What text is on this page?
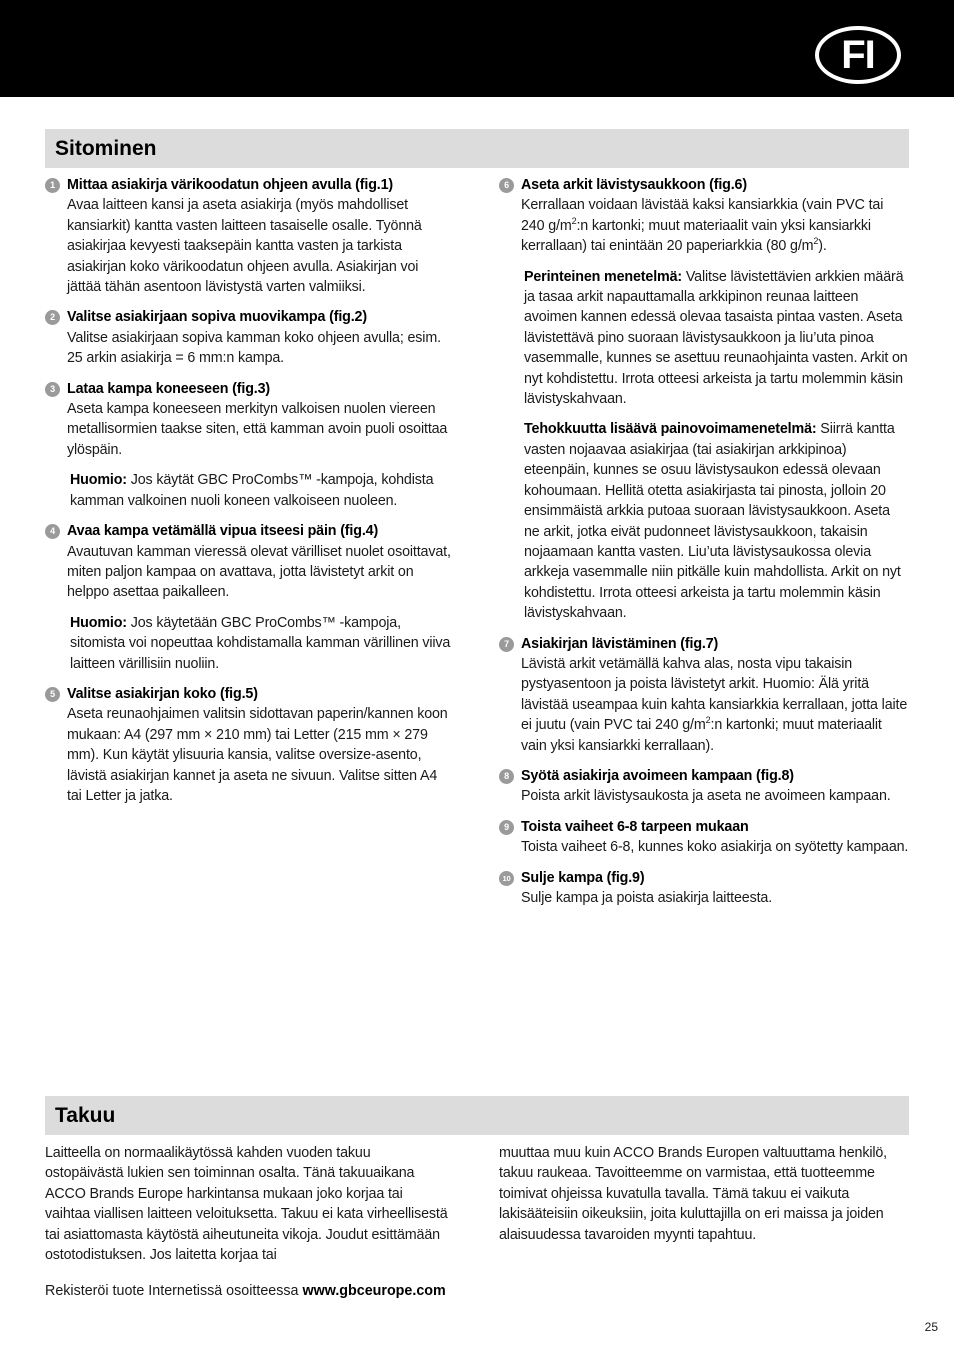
FI
Sitominen
1 Mittaa asiakirja värikoodatun ohjeen avulla (fig.1)
Avaa laitteen kansi ja aseta asiakirja (myös mahdolliset kansiarkit) kantta vasten laitteen tasaiselle osalle. Työnnä asiakirjaa kevyesti taaksepäin kantta vasten ja tarkista asiakirjan koko värikoodatun ohjeen avulla. Asiakirjan voi jättää tähän asentoon lävistystä varten valmiiksi.
2 Valitse asiakirjaan sopiva muovikampa (fig.2)
Valitse asiakirjaan sopiva kamman koko ohjeen avulla; esim. 25 arkin asiakirja = 6 mm:n kampa.
3 Lataa kampa koneeseen (fig.3)
Aseta kampa koneeseen merkityn valkoisen nuolen viereen metallisormien taakse siten, että kamman avoin puoli osoittaa ylöspäin.
Huomio: Jos käytät GBC ProCombs™ -kampoja, kohdista kamman valkoinen nuoli koneen valkoiseen nuoleen.
4 Avaa kampa vetämällä vipua itseesi päin (fig.4)
Avautuvan kamman vieressä olevat värilliset nuolet osoittavat, miten paljon kampaa on avattava, jotta lävistetyt arkit on helppo asettaa paikalleen.
Huomio: Jos käytetään GBC ProCombs™ -kampoja, sitomista voi nopeuttaa kohdistamalla kamman värillinen viiva laitteen värillisiin nuoliin.
5 Valitse asiakirjan koko (fig.5)
Aseta reunaohjaimen valitsin sidottavan paperin/kannen koon mukaan: A4 (297 mm × 210 mm) tai Letter (215 mm × 279 mm). Kun käytät ylisuuria kansia, valitse oversize-asento, lävistä asiakirjan kannet ja aseta ne sivuun. Valitse sitten A4 tai Letter ja jatka.
6 Aseta arkit lävistysaukkoon (fig.6)
Kerrallaan voidaan lävistää kaksi kansiarkkia (vain PVC tai 240 $g/m^2:n$ kartonki; muut materiaalit vain yksi kansiarkki kerrallaan) tai enintään 20 paperiarkkia (80 $g/m^2$).
Perinteinen menetelmä: Valitse lävistettävien arkkien määrä ja tasaa arkit napauttamalla arkkipinon reunaa laitteen avoimen kannen edessä olevaa tasaista pintaa vasten. Aseta lävistettävä pino suoraan lävistysaukkoon ja liu’uta pinoa vasemmalle, kunnes se asettuu reunaohjainta vasten. Arkit on nyt kohdistettu. Irrota otteesi arkeista ja tartu molemmin käsin lävistyskahvaan.
Tehokkuutta lisäävä painovoimamenetelmä: Siirrä kantta vasten nojaavaa asiakirjaa (tai asiakirjan arkkipinoa) eteenpäin, kunnes se osuu lävistysaukon edessä olevaan kohoumaan. Hellitä otetta asiakirjasta tai pinosta, jolloin 20 ensimmäistä arkkia putoaa suoraan lävistysaukkoon. Aseta ne arkit, jotka eivät pudonneet lävistysaukkoon, takaisin nojaamaan kantta vasten. Liu’uta lävistysaukossa olevia arkkeja vasemmalle niin pitkälle kuin mahdollista. Arkit on nyt kohdistettu. Irrota otteesi arkeista ja tartu molemmin käsin lävistyskahvaan.
7 Asiakirjan lävistäminen (fig.7)
Lävistä arkit vetämällä kahva alas, nosta vipu takaisin pystyasentoon ja poista lävistetyt arkit. Huomio: Älä yritä lävistää useampaa kuin kahta kansiarkkia kerrallaan, jotta laite ei juutu (vain PVC tai 240 $g/m^2:n$ kartonki; muut materiaalit vain yksi kansiarkki kerrallaan).
8 Syötä asiakirja avoimeen kampaan (fig.8)
Poista arkit lävistysaukosta ja aseta ne avoimeen kampaan.
9 Toista vaiheet 6-8 tarpeen mukaan
Toista vaiheet 6-8, kunnes koko asiakirja on syötetty kampaan.
10 Sulje kampa (fig.9)
Sulje kampa ja poista asiakirja laitteesta.
Takuu
Laitteella on normaalikäytössä kahden vuoden takuu ostopäivästä lukien sen toiminnan osalta. Tänä takuuaikana ACCO Brands Europe harkintansa mukaan joko korjaa tai vaihtaa viallisen laitteen veloituksetta. Takuu ei kata virheellisestä tai asiattomasta käytöstä aiheutuneita vikoja. Joudut esittämään ostotodistuksen. Jos laitetta korjaa tai
muuttaa muu kuin ACCO Brands Europen valtuuttama henkilö, takuu raukeaa. Tavoitteemme on varmistaa, että tuotteemme toimivat ohjeissa kuvatulla tavalla. Tämä takuu ei vaikuta lakisääteisiin oikeuksiin, joita kuluttajilla on eri maissa ja joiden alaisuudessa tavaroiden myynti tapahtuu.
Rekisteröi tuote Internetissä osoitteessa www.gbceurope.com
25
